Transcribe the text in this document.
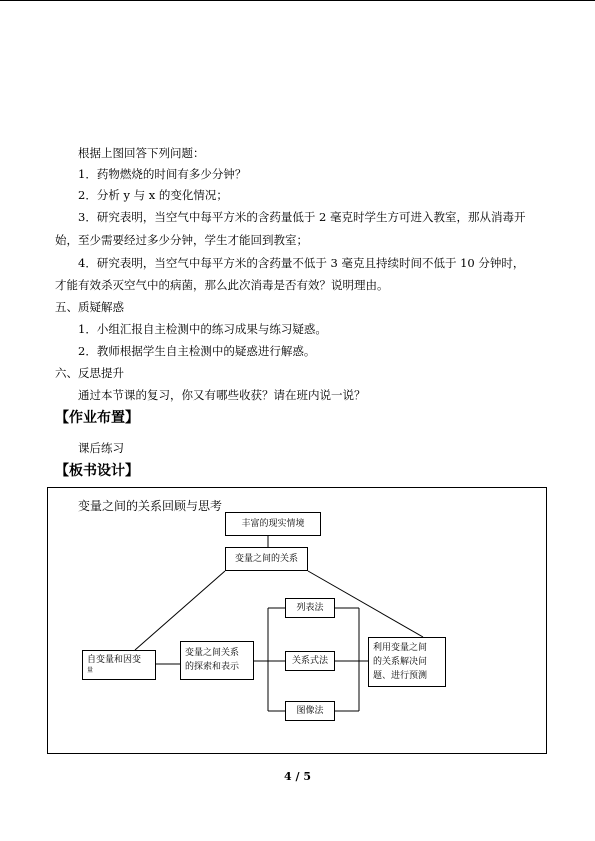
根据上图回答下列问题：
1．药物燃烧的时间有多少分钟？
2．分析 y 与 x 的变化情况；
3．研究表明，当空气中每平方米的含药量低于 2 毫克时学生方可进入教室，那从消毒开
始，至少需要经过多少分钟，学生才能回到教室；
4．研究表明，当空气中每平方米的含药量不低于 3 毫克且持续时间不低于 10 分钟时，
才能有效杀灭空气中的病菌，那么此次消毒是否有效？说明理由。
五、质疑解惑
1．小组汇报自主检测中的练习成果与练习疑惑。
2．教师根据学生自主检测中的疑惑进行解惑。
六、反思提升
通过本节课的复习，你又有哪些收获？请在班内说一说？
【作业布置】
课后练习
【板书设计】
变量之间的关系回顾与思考
丰富的现实情境
变量之间的关系
自变量和因变
量
变量之间关系
的探索和表示
列表法
关系式法
图像法
利用变量之间
的关系解决问
题、进行预测
4 / 5
